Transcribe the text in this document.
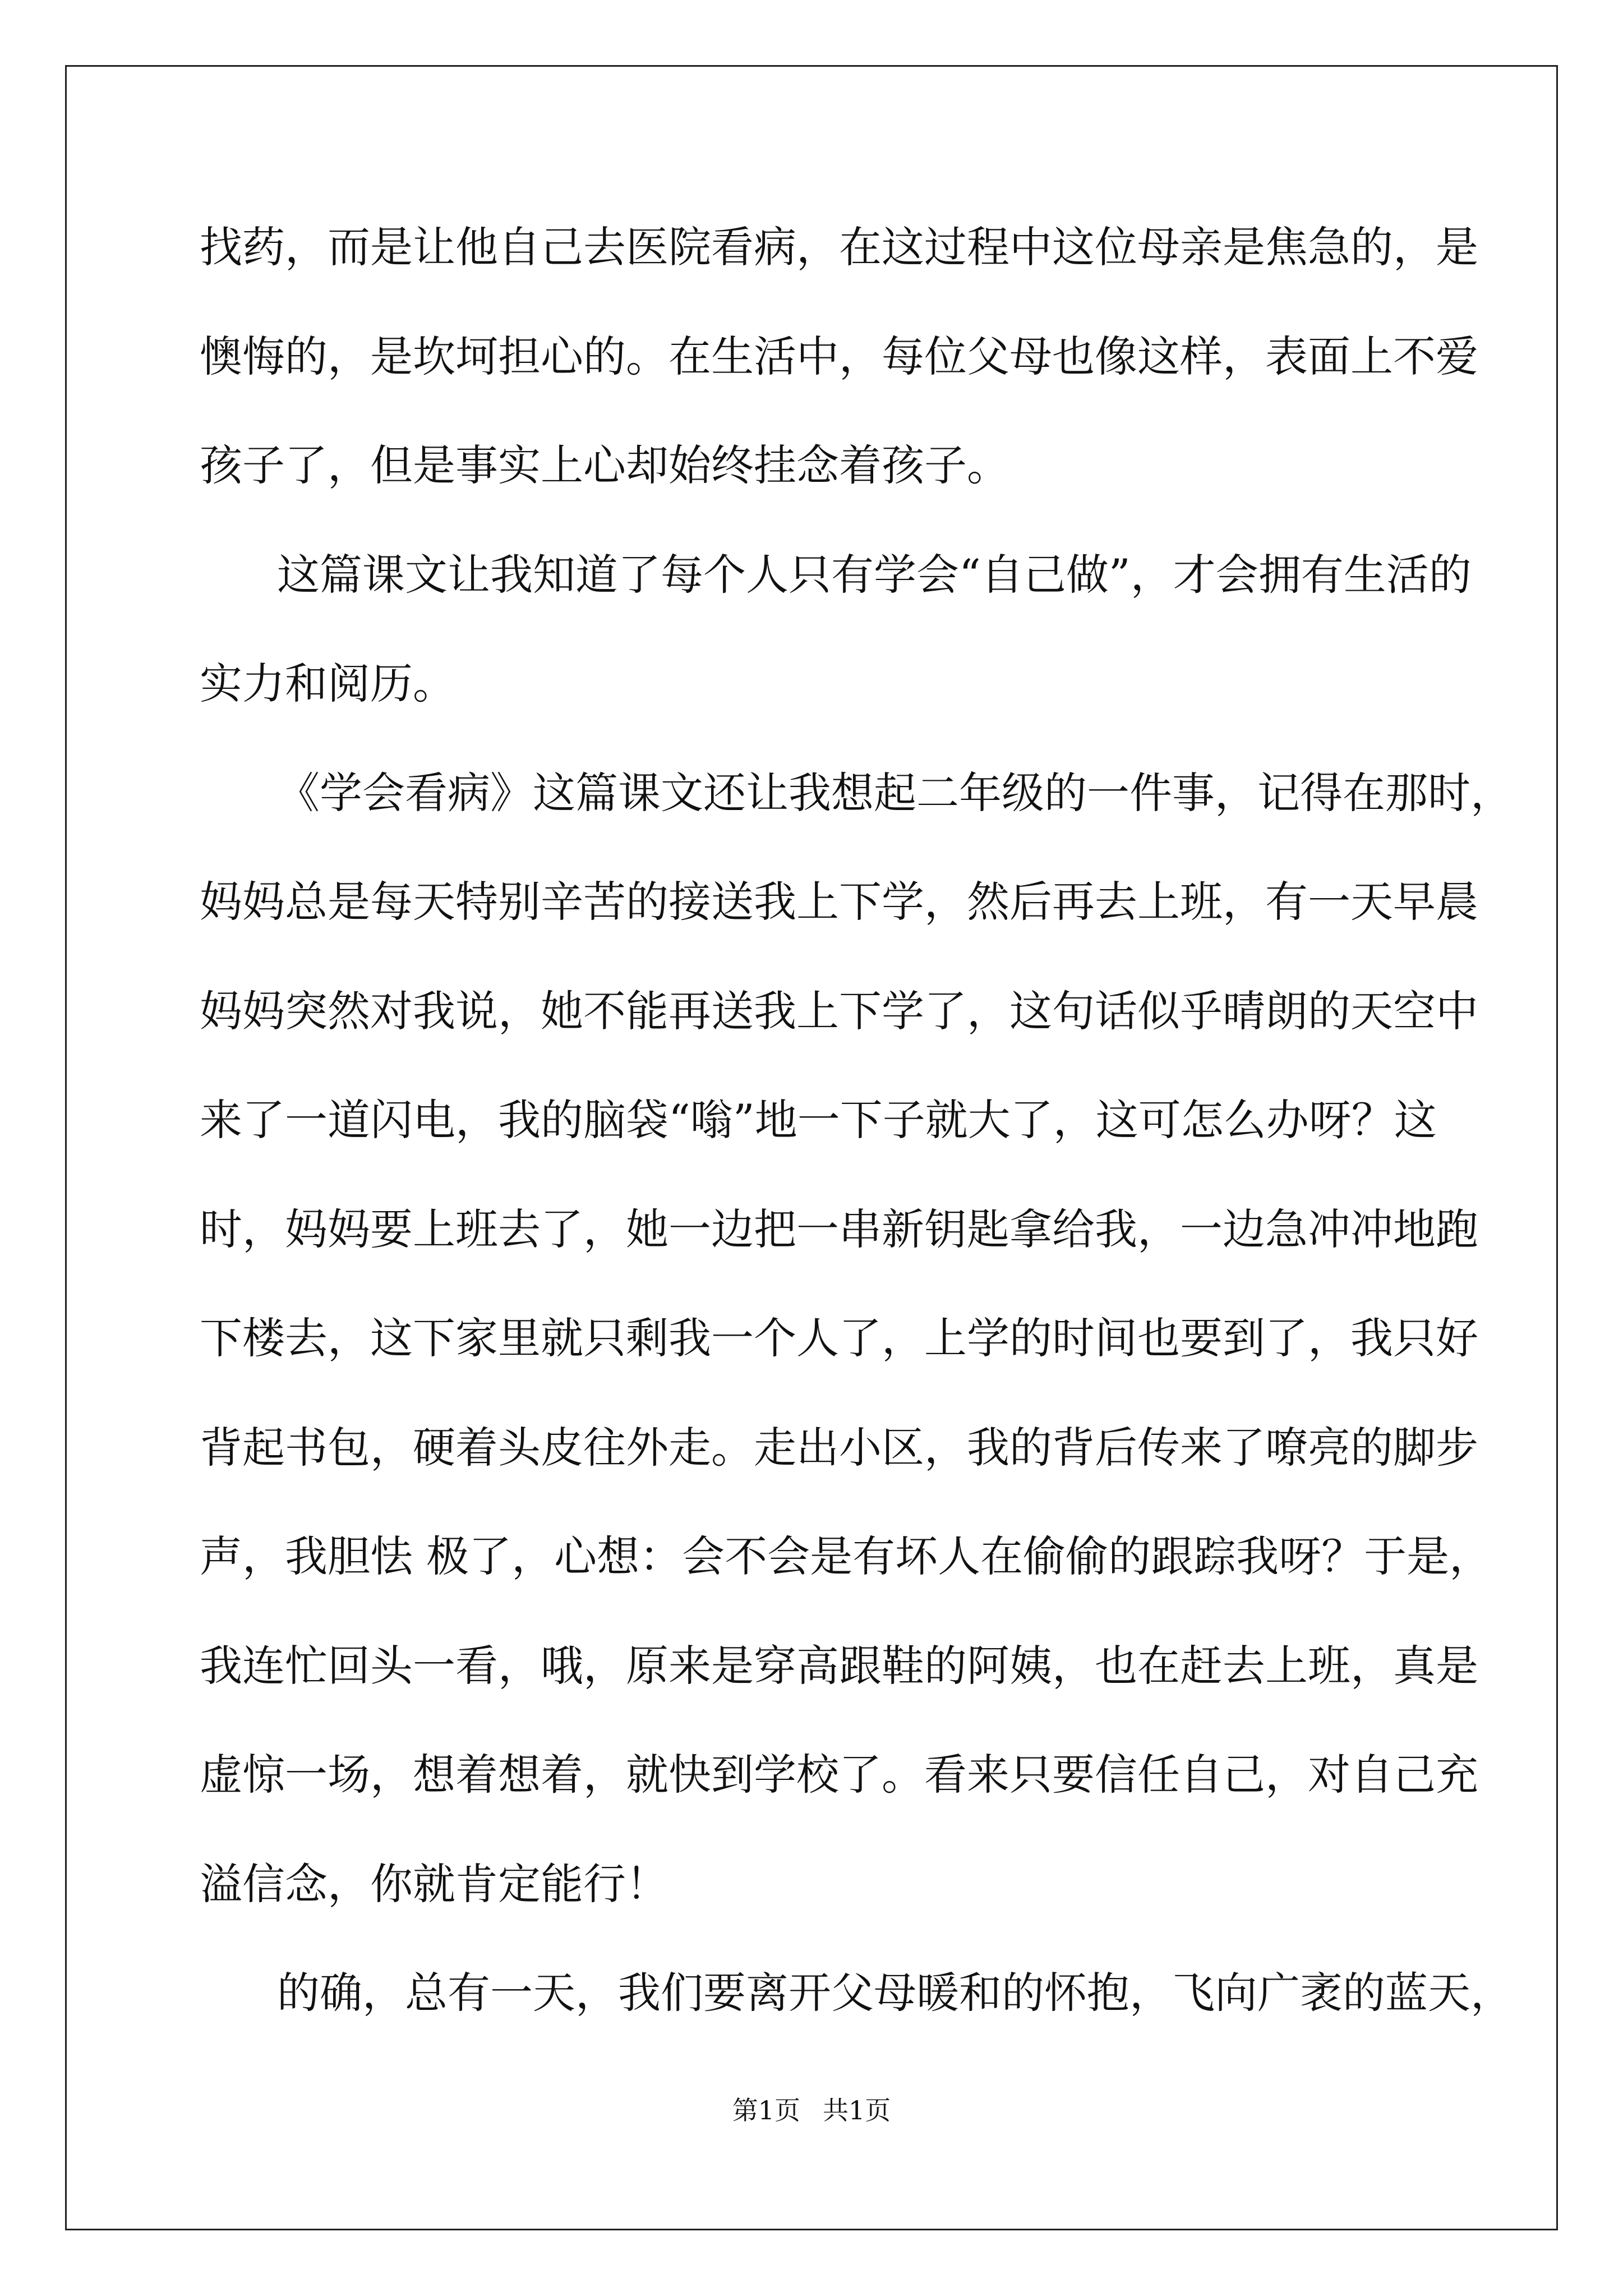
找药，而是让他自己去医院看病，在这过程中这位母亲是焦急的，是
懊悔的，是坎坷担心的。在生活中，每位父母也像这样，表面上不爱
孩子了，但是事实上心却始终挂念着孩子。
这篇课文让我知道了每个人只有学会“自己做”，才会拥有生活的
实力和阅历。
《学会看病》这篇课文还让我想起二年级的一件事，记得在那时，
妈妈总是每天特别辛苦的接送我上下学，然后再去上班，有一天早晨
妈妈突然对我说，她不能再送我上下学了，这句话似乎晴朗的天空中
来了一道闪电，我的脑袋“嗡”地一下子就大了，这可怎么办呀？这
时，妈妈要上班去了，她一边把一串新钥匙拿给我，一边急冲冲地跑
下楼去，这下家里就只剩我一个人了，上学的时间也要到了，我只好
背起书包，硬着头皮往外走。走出小区，我的背后传来了嘹亮的脚步
声，我胆怯 极了，心想：会不会是有坏人在偷偷的跟踪我呀？于是，
我连忙回头一看，哦，原来是穿高跟鞋的阿姨，也在赶去上班，真是
虚惊一场，想着想着，就快到学校了。看来只要信任自己，对自己充
溢信念，你就肯定能行！
的确，总有一天，我们要离开父母暖和的怀抱，飞向广袤的蓝天，
第1页 共1页
